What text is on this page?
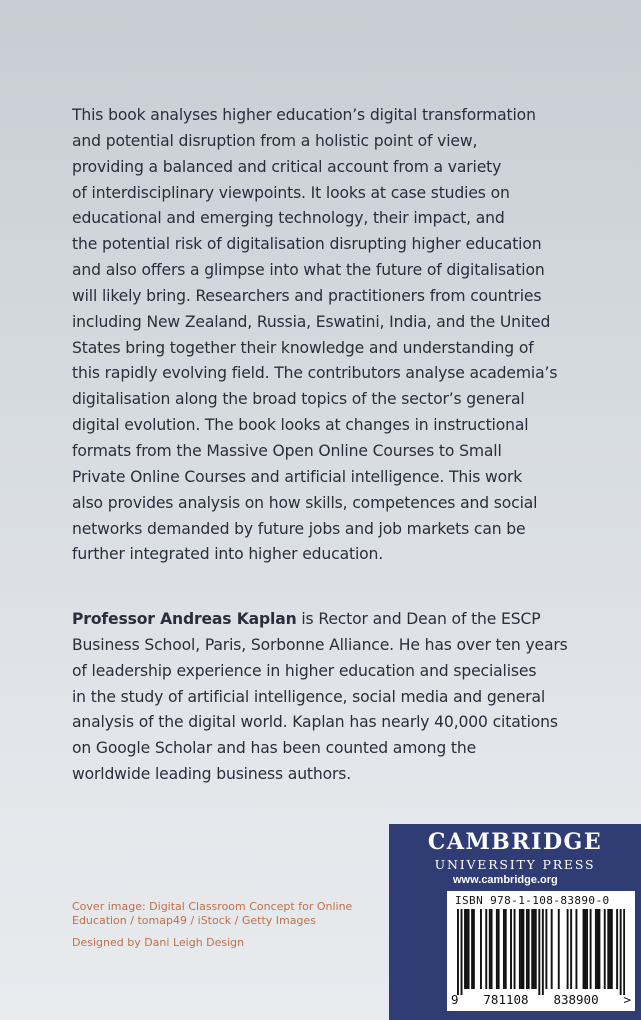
This book analyses higher education’s digital transformation
and potential disruption from a holistic point of view,
providing a balanced and critical account from a variety
of interdisciplinary viewpoints. It looks at case studies on
educational and emerging technology, their impact, and
the potential risk of digitalisation disrupting higher education
and also offers a glimpse into what the future of digitalisation
will likely bring. Researchers and practitioners from countries
including New Zealand, Russia, Eswatini, India, and the United
States bring together their knowledge and understanding of
this rapidly evolving field. The contributors analyse academia’s
digitalisation along the broad topics of the sector’s general
digital evolution. The book looks at changes in instructional
formats from the Massive Open Online Courses to Small
Private Online Courses and artificial intelligence. This work
also provides analysis on how skills, competences and social
networks demanded by future jobs and job markets can be
further integrated into higher education.
Professor Andreas Kaplan is Rector and Dean of the ESCP
Business School, Paris, Sorbonne Alliance. He has over ten years
of leadership experience in higher education and specialises
in the study of artificial intelligence, social media and general
analysis of the digital world. Kaplan has nearly 40,000 citations
on Google Scholar and has been counted among the
worldwide leading business authors.
Cover image: Digital Classroom Concept for Online
Education / tomap49 / iStock / Getty Images
Designed by Dani Leigh Design
CAMBRIDGE
UNIVERSITY PRESS
www.cambridge.org
ISBN 978-1-108-83890-0
9 781108 838900 >
